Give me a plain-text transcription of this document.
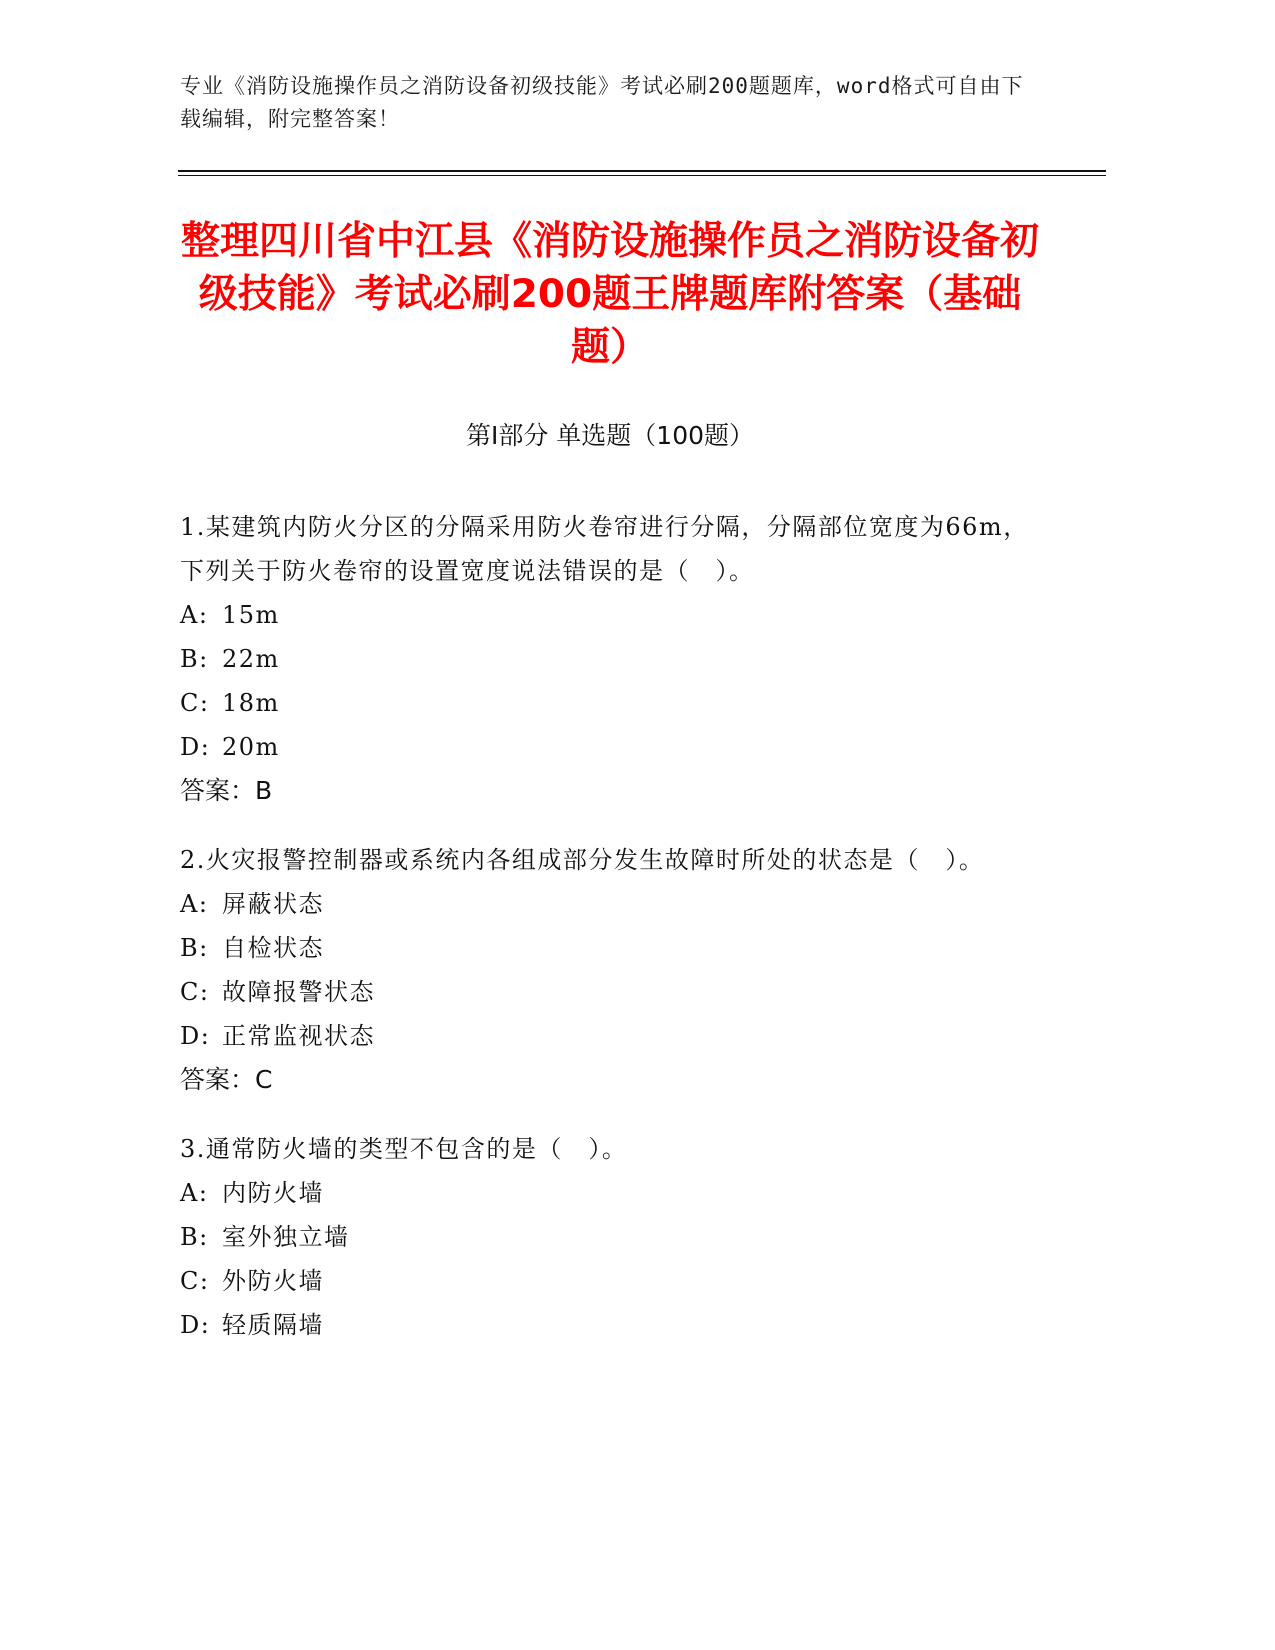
专业《消防设施操作员之消防设备初级技能》考试必刷200题题库，word格式可自由下载编辑，附完整答案！
整理四川省中江县《消防设施操作员之消防设备初级技能》考试必刷200题王牌题库附答案（基础题）
第Ⅰ部分 单选题（100题）
1.某建筑内防火分区的分隔采用防火卷帘进行分隔，分隔部位宽度为66m，下列关于防火卷帘的设置宽度说法错误的是（　）。
A: 15m
B: 22m
C: 18m
D: 20m
答案：B
2.火灾报警控制器或系统内各组成部分发生故障时所处的状态是（　）。
A: 屏蔽状态
B: 自检状态
C: 故障报警状态
D: 正常监视状态
答案：C
3.通常防火墙的类型不包含的是（　）。
A: 内防火墙
B: 室外独立墙
C: 外防火墙
D: 轻质隔墙
